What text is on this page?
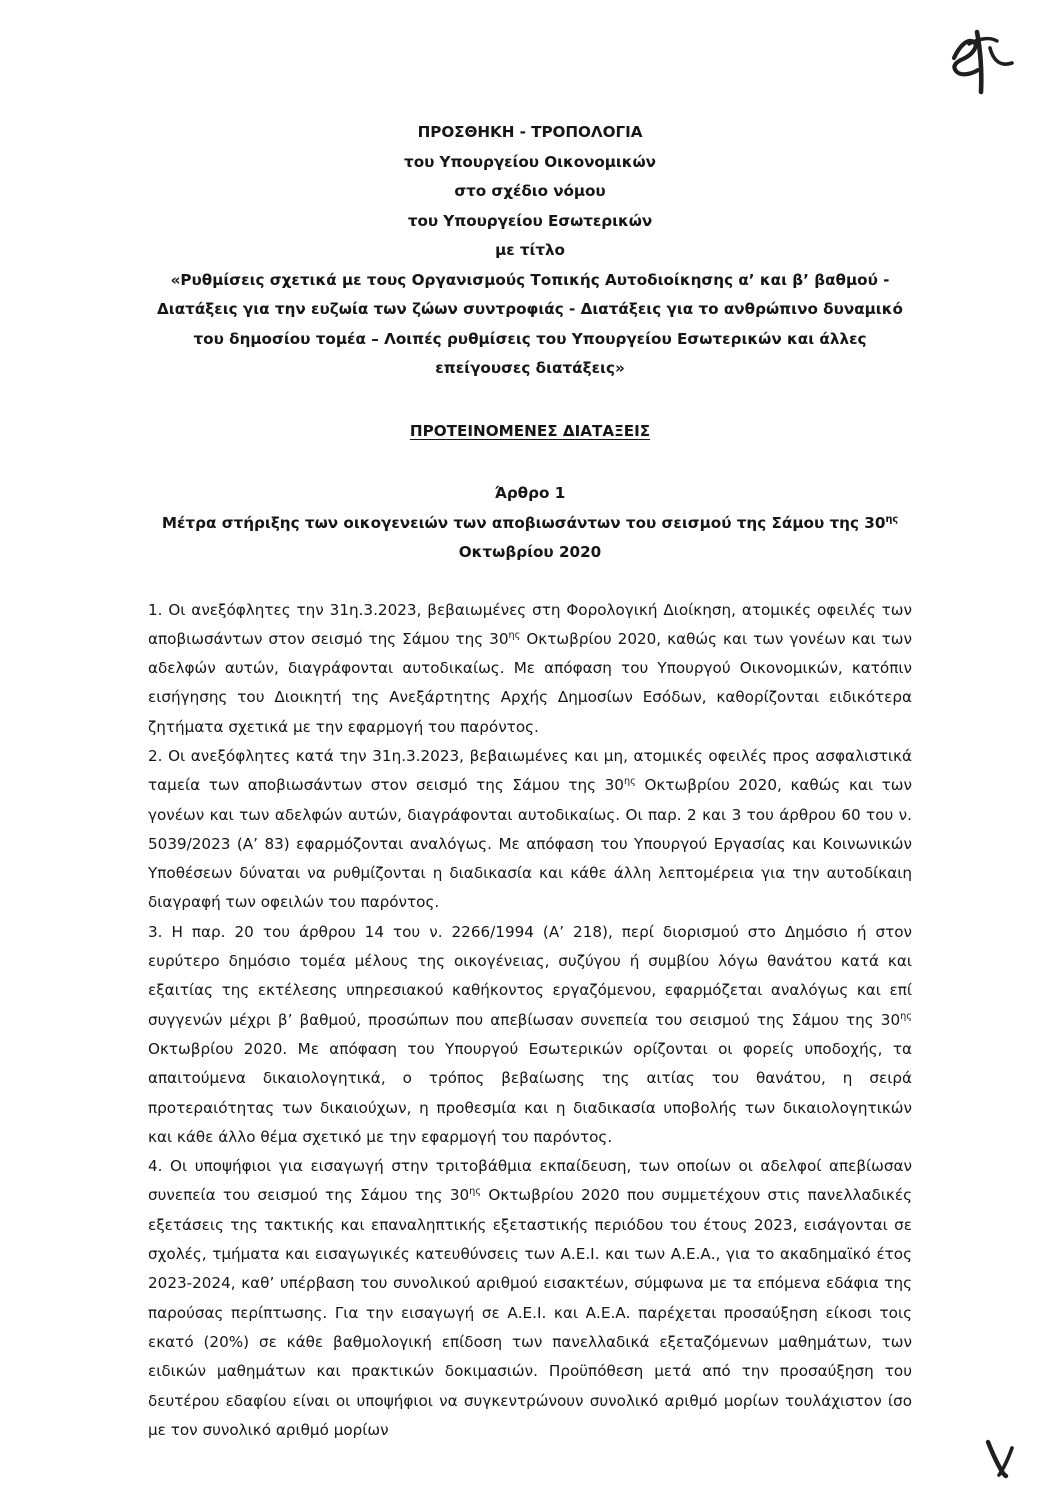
ΠΡΟΣΘΗΚΗ - ΤΡΟΠΟΛΟΓΙΑ
του Υπουργείου Οικονομικών
στο σχέδιο νόμου
του Υπουργείου Εσωτερικών
με τίτλο
«Ρυθμίσεις σχετικά με τους Οργανισμούς Τοπικής Αυτοδιοίκησης α’ και β’ βαθμού - Διατάξεις για την ευζωία των ζώων συντροφιάς - Διατάξεις για το ανθρώπινο δυναμικό του δημοσίου τομέα – Λοιπές ρυθμίσεις του Υπουργείου Εσωτερικών και άλλες επείγουσες διατάξεις»
ΠΡΟΤΕΙΝΟΜΕΝΕΣ ΔΙΑΤΑΞΕΙΣ
Άρθρο 1
Μέτρα στήριξης των οικογενειών των αποβιωσάντων του σεισμού της Σάμου της $30^{\eta\varsigma}$ Οκτωβρίου 2020

1. Οι ανεξόφλητες την 31η.3.2023, βεβαιωμένες στη Φορολογική Διοίκηση, ατομικές οφειλές των αποβιωσάντων στον σεισμό της Σάμου της $30^{\eta\varsigma}$ Οκτωβρίου 2020, καθώς και των γονέων και των αδελφών αυτών, διαγράφονται αυτοδικαίως. Με απόφαση του Υπουργού Οικονομικών, κατόπιν εισήγησης του Διοικητή της Ανεξάρτητης Αρχής Δημοσίων Εσόδων, καθορίζονται ειδικότερα ζητήματα σχετικά με την εφαρμογή του παρόντος.

2. Οι ανεξόφλητες κατά την 31η.3.2023, βεβαιωμένες και μη, ατομικές οφειλές προς ασφαλιστικά ταμεία των αποβιωσάντων στον σεισμό της Σάμου της $30^{\eta\varsigma}$ Οκτωβρίου 2020, καθώς και των γονέων και των αδελφών αυτών, διαγράφονται αυτοδικαίως. Οι παρ. 2 και 3 του άρθρου 60 του ν. 5039/2023 (Α’ 83) εφαρμόζονται αναλόγως. Με απόφαση του Υπουργού Εργασίας και Κοινωνικών Υποθέσεων δύναται να ρυθμίζονται η διαδικασία και κάθε άλλη λεπτομέρεια για την αυτοδίκαιη διαγραφή των οφειλών του παρόντος.

3. Η παρ. 20 του άρθρου 14 του ν. 2266/1994 (Α’ 218), περί διορισμού στο Δημόσιο ή στον ευρύτερο δημόσιο τομέα μέλους της οικογένειας, συζύγου ή συμβίου λόγω θανάτου κατά και εξαιτίας της εκτέλεσης υπηρεσιακού καθήκοντος εργαζόμενου, εφαρμόζεται αναλόγως και επί συγγενών μέχρι β’ βαθμού, προσώπων που απεβίωσαν συνεπεία του σεισμού της Σάμου της $30^{\eta\varsigma}$ Οκτωβρίου 2020. Με απόφαση του Υπουργού Εσωτερικών ορίζονται οι φορείς υποδοχής, τα απαιτούμενα δικαιολογητικά, ο τρόπος βεβαίωσης της αιτίας του θανάτου, η σειρά προτεραιότητας των δικαιούχων, η προθεσμία και η διαδικασία υποβολής των δικαιολογητικών και κάθε άλλο θέμα σχετικό με την εφαρμογή του παρόντος.

4. Οι υποψήφιοι για εισαγωγή στην τριτοβάθμια εκπαίδευση, των οποίων οι αδελφοί απεβίωσαν συνεπεία του σεισμού της Σάμου της $30^{\eta\varsigma}$ Οκτωβρίου 2020 που συμμετέχουν στις πανελλαδικές εξετάσεις της τακτικής και επαναληπτικής εξεταστικής περιόδου του έτους 2023, εισάγονται σε σχολές, τμήματα και εισαγωγικές κατευθύνσεις των Α.Ε.Ι. και των Α.Ε.Α., για το ακαδημαϊκό έτος 2023-2024, καθ’ υπέρβαση του συνολικού αριθμού εισακτέων, σύμφωνα με τα επόμενα εδάφια της παρούσας περίπτωσης. Για την εισαγωγή σε Α.Ε.Ι. και Α.Ε.Α. παρέχεται προσαύξηση είκοσι τοις εκατό (20%) σε κάθε βαθμολογική επίδοση των πανελλαδικά εξεταζόμενων μαθημάτων, των ειδικών μαθημάτων και πρακτικών δοκιμασιών. Προϋπόθεση μετά από την προσαύξηση του δευτέρου εδαφίου είναι οι υποψήφιοι να συγκεντρώνουν συνολικό αριθμό μορίων τουλάχιστον ίσο με τον συνολικό αριθμό μορίων
